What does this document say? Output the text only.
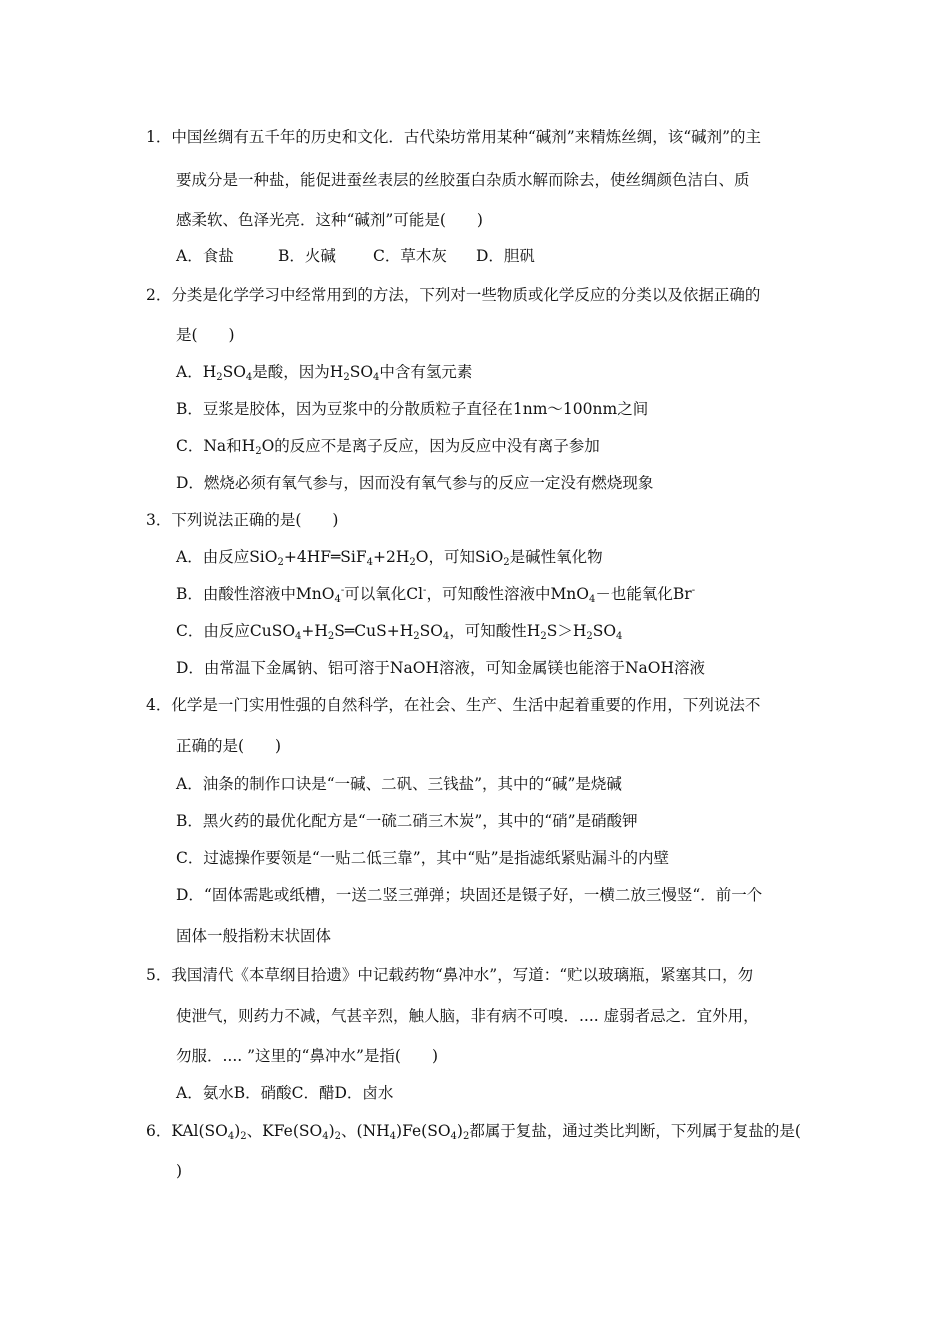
1．中国丝绸有五千年的历史和文化．古代染坊常用某种“碱剂”来精炼丝绸，该“碱剂”的主
要成分是一种盐，能促进蚕丝表层的丝胶蛋白杂质水解而除去，使丝绸颜色洁白、质
感柔软、色泽光亮．这种“碱剂”可能是(　　)
A．食盐	B．火碱 C．草木灰 D．胆矾
2．分类是化学学习中经常用到的方法，下列对一些物质或化学反应的分类以及依据正确的
是(　　)
A．$H_2SO_4$是酸，因为$H_2SO_4$中含有氢元素
B．豆浆是胶体，因为豆浆中的分散质粒子直径在1nm～100nm之间
C．Na和$H_2O$的反应不是离子反应，因为反应中没有离子参加
D．燃烧必须有氧气参与，因而没有氧气参与的反应一定没有燃烧现象
3．下列说法正确的是(　　)
A．由反应$SiO_2+4HF═SiF_4+2H_2O$，可知SiO$_2$是碱性氧化物
B．由酸性溶液中MnO$_4$-可以氧化Cl-，可知酸性溶液中MnO$_4$－也能氧化Br-
C．由反应$CuSO_4+H_2S═CuS+H_2SO_4$，可知酸性$H_2S>H_2SO_4$
D．由常温下金属钠、铝可溶于NaOH溶液，可知金属镁也能溶于NaOH溶液
4．化学是一门实用性强的自然科学，在社会、生产、生活中起着重要的作用，下列说法不
正确的是(　　)
A．油条的制作口诀是“一碱、二矾、三钱盐”，其中的“碱”是烧碱
B．黑火药的最优化配方是“一硫二硝三木炭”，其中的“硝”是硝酸钾
C．过滤操作要领是“一贴二低三靠”，其中“贴”是指滤纸紧贴漏斗的内壁
D．“固体需匙或纸槽，一送二竖三弹弹；块固还是镊子好，一横二放三慢竖“．前一个
固体一般指粉末状固体
5．我国清代《本草纲目拾遗》中记载药物“鼻冲水”，写道：“贮以玻璃瓶，紧塞其口，勿
使泄气，则药力不减，气甚辛烈，触人脑，非有病不可嗅．.... 虚弱者忌之．宜外用，
勿服．.... ”这里的“鼻冲水”是指(　　)
A．氨水B．硝酸C．醋D．卤水
6．$KAl(SO_4)_2$、$KFe(SO_4)_2$、$(NH_4)Fe(SO_4)_2$都属于复盐，通过类比判断，下列属于复盐的是(
)
